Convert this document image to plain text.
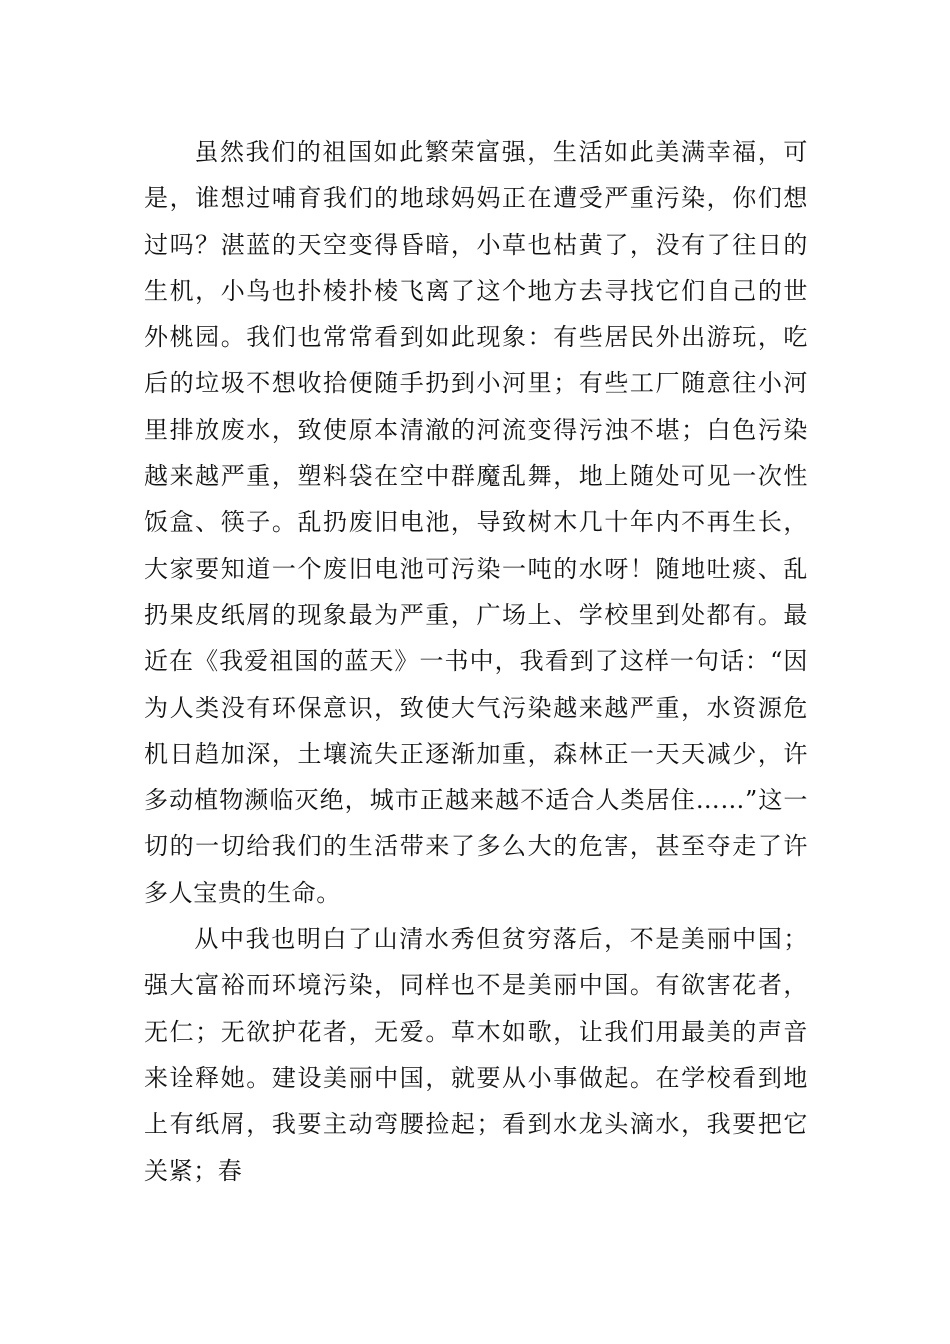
虽然我们的祖国如此繁荣富强，生活如此美满幸福，可是，谁想过哺育我们的地球妈妈正在遭受严重污染，你们想过吗？湛蓝的天空变得昏暗，小草也枯黄了，没有了往日的生机，小鸟也扑棱扑棱飞离了这个地方去寻找它们自己的世外桃园。我们也常常看到如此现象：有些居民外出游玩，吃后的垃圾不想收拾便随手扔到小河里；有些工厂随意往小河里排放废水，致使原本清澈的河流变得污浊不堪；白色污染越来越严重，塑料袋在空中群魔乱舞，地上随处可见一次性饭盒、筷子。乱扔废旧电池，导致树木几十年内不再生长，大家要知道一个废旧电池可污染一吨的水呀！随地吐痰、乱扔果皮纸屑的现象最为严重，广场上、学校里到处都有。最近在《我爱祖国的蓝天》一书中，我看到了这样一句话：“因为人类没有环保意识，致使大气污染越来越严重，水资源危机日趋加深，土壤流失正逐渐加重，森林正一天天减少，许多动植物濒临灭绝，城市正越来越不适合人类居住……”这一切的一切给我们的生活带来了多么大的危害，甚至夺走了许多人宝贵的生命。

从中我也明白了山清水秀但贫穷落后，不是美丽中国；强大富裕而环境污染，同样也不是美丽中国。有欲害花者，无仁；无欲护花者，无爱。草木如歌，让我们用最美的声音来诠释她。建设美丽中国，就要从小事做起。在学校看到地上有纸屑，我要主动弯腰捡起；看到水龙头滴水，我要把它关紧；春
